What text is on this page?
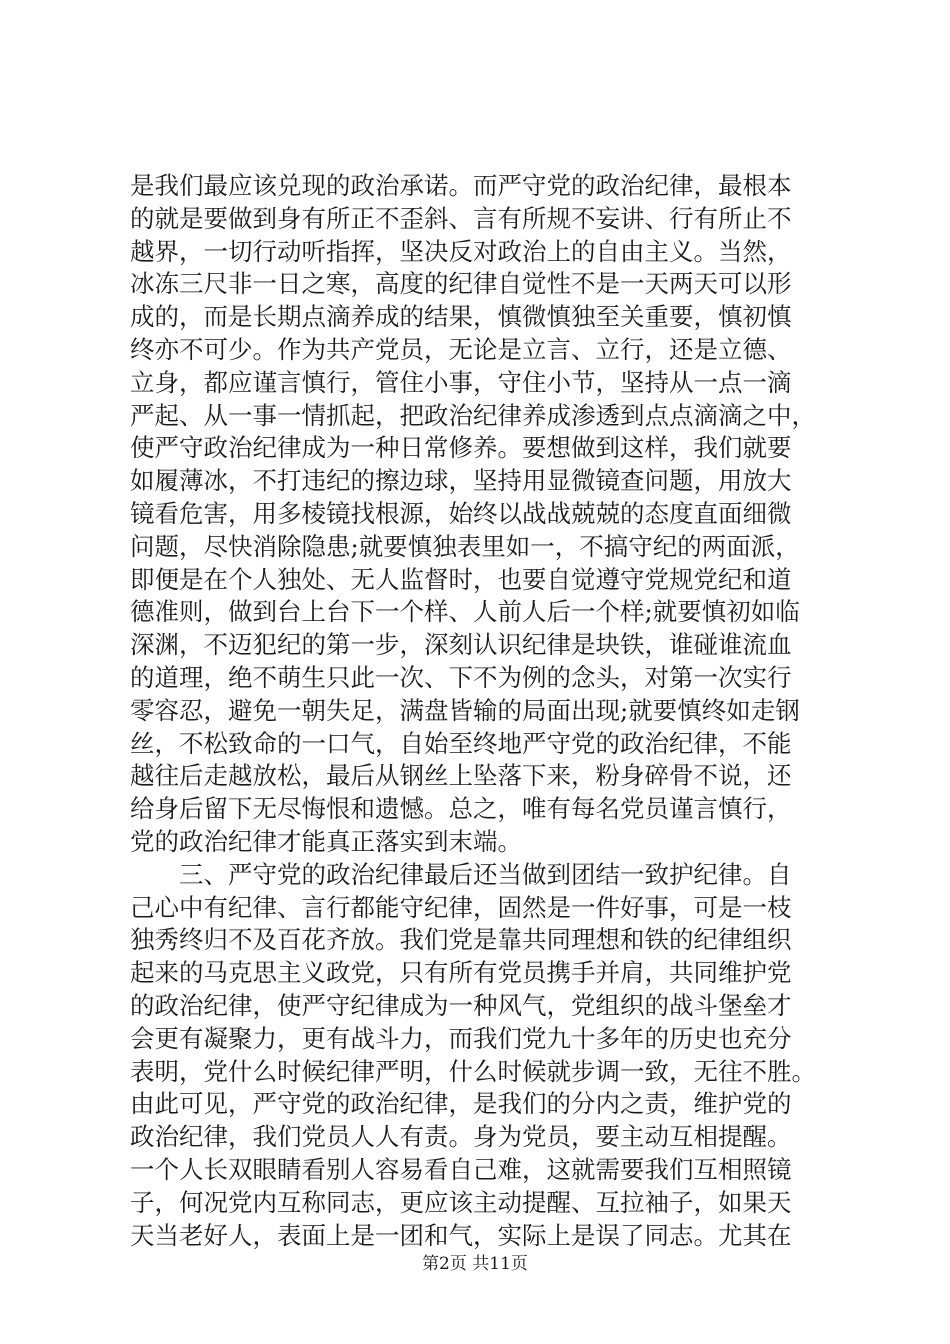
是我们最应该兑现的政治承诺。而严守党的政治纪律，最根本
的就是要做到身有所正不歪斜、言有所规不妄讲、行有所止不
越界，一切行动听指挥，坚决反对政治上的自由主义。当然，
冰冻三尺非一日之寒，高度的纪律自觉性不是一天两天可以形
成的，而是长期点滴养成的结果，慎微慎独至关重要，慎初慎
终亦不可少。作为共产党员，无论是立言、立行，还是立德、
立身，都应谨言慎行，管住小事，守住小节，坚持从一点一滴
严起、从一事一情抓起，把政治纪律养成渗透到点点滴滴之中，
使严守政治纪律成为一种日常修养。要想做到这样，我们就要
如履薄冰，不打违纪的擦边球，坚持用显微镜查问题，用放大
镜看危害，用多棱镜找根源，始终以战战兢兢的态度直面细微
问题，尽快消除隐患;就要慎独表里如一，不搞守纪的两面派，
即便是在个人独处、无人监督时，也要自觉遵守党规党纪和道
德准则，做到台上台下一个样、人前人后一个样;就要慎初如临
深渊，不迈犯纪的第一步，深刻认识纪律是块铁，谁碰谁流血
的道理，绝不萌生只此一次、下不为例的念头，对第一次实行
零容忍，避免一朝失足，满盘皆输的局面出现;就要慎终如走钢
丝，不松致命的一口气，自始至终地严守党的政治纪律，不能
越往后走越放松，最后从钢丝上坠落下来，粉身碎骨不说，还
给身后留下无尽悔恨和遗憾。总之，唯有每名党员谨言慎行，
党的政治纪律才能真正落实到末端。
三、严守党的政治纪律最后还当做到团结一致护纪律。自
己心中有纪律、言行都能守纪律，固然是一件好事，可是一枝
独秀终归不及百花齐放。我们党是靠共同理想和铁的纪律组织
起来的马克思主义政党，只有所有党员携手并肩，共同维护党
的政治纪律，使严守纪律成为一种风气，党组织的战斗堡垒才
会更有凝聚力，更有战斗力，而我们党九十多年的历史也充分
表明，党什么时候纪律严明，什么时候就步调一致，无往不胜。
由此可见，严守党的政治纪律，是我们的分内之责，维护党的
政治纪律，我们党员人人有责。身为党员，要主动互相提醒。
一个人长双眼睛看别人容易看自己难，这就需要我们互相照镜
子，何况党内互称同志，更应该主动提醒、互拉袖子，如果天
天当老好人，表面上是一团和气，实际上是误了同志。尤其在
第2页 共11页
